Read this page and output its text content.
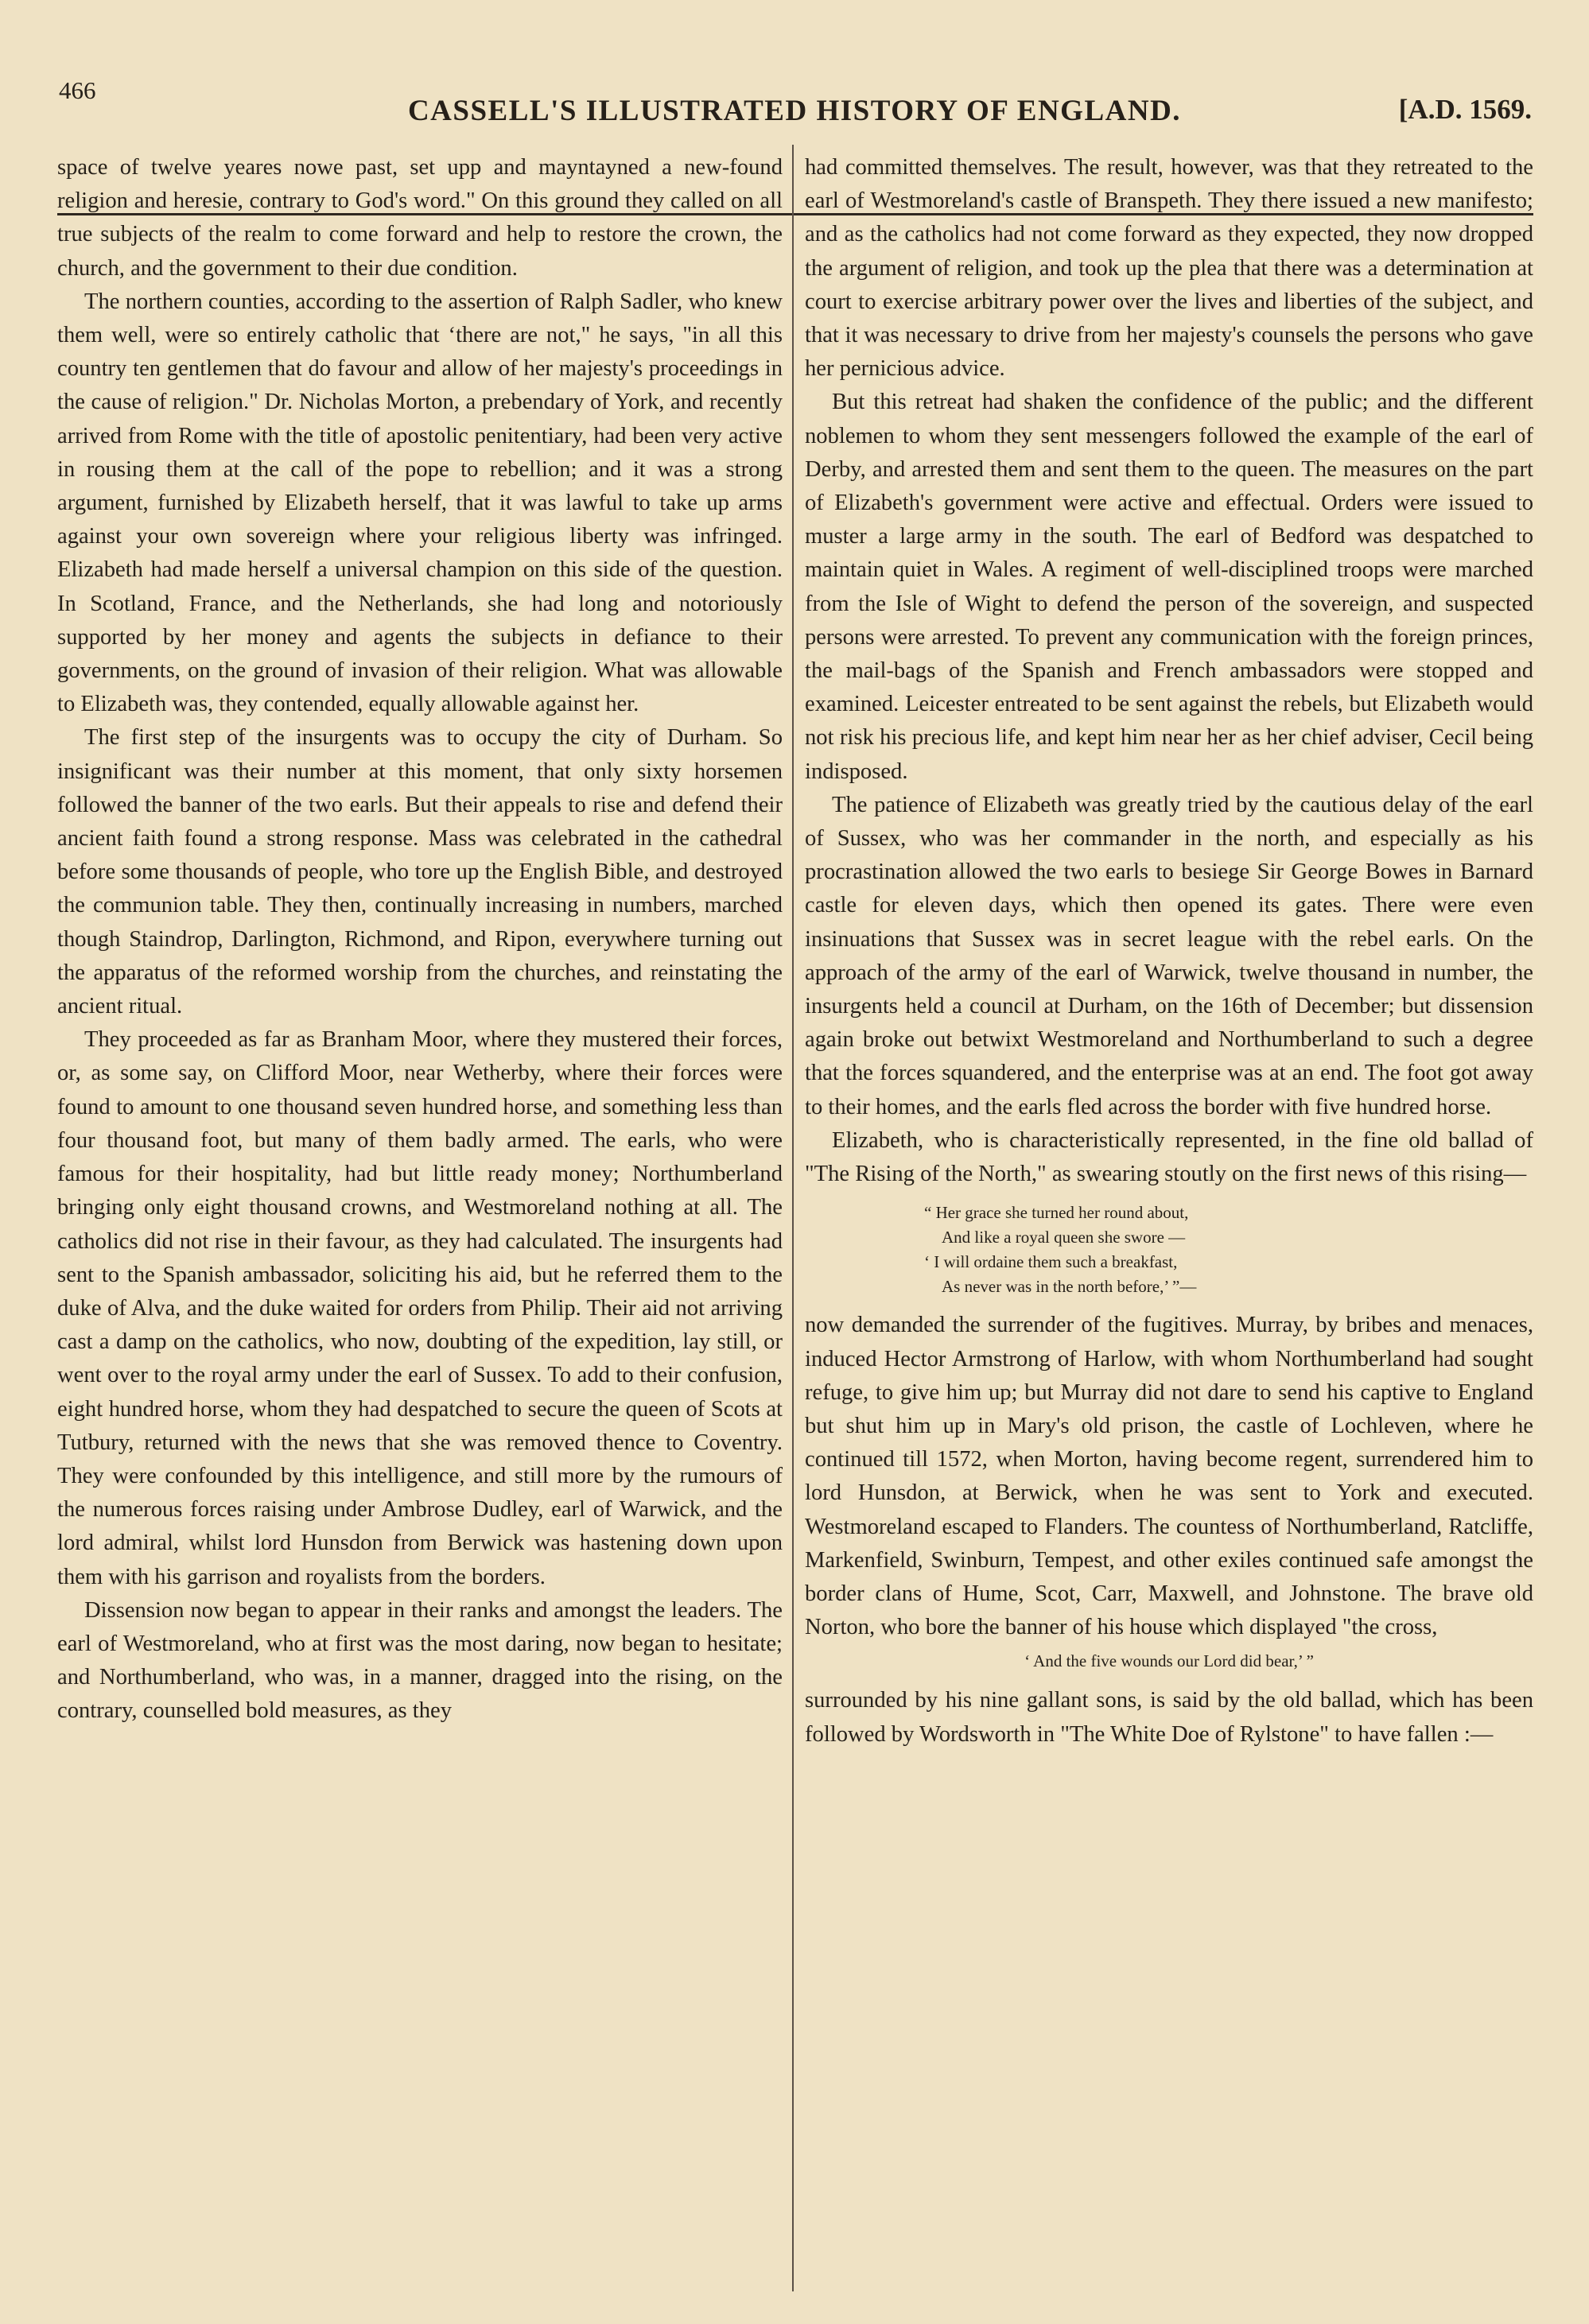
466
CASSELL'S ILLUSTRATED HISTORY OF ENGLAND.	[A.D. 1569.

space of twelve yeares nowe past, set upp and mayntayned a new-found religion and heresie, contrary to God's word." On this ground they called on all true subjects of the realm to come forward and help to restore the crown, the church, and the government to their due condition.

The northern counties, according to the assertion of Ralph Sadler, who knew them well, were so entirely catholic that ‘there are not," he says, "in all this country ten gentlemen that do favour and allow of her majesty's proceedings in the cause of religion." Dr. Nicholas Morton, a prebendary of York, and recently arrived from Rome with the title of apostolic penitentiary, had been very active in rousing them at the call of the pope to rebellion; and it was a strong argument, furnished by Elizabeth herself, that it was lawful to take up arms against your own sovereign where your religious liberty was infringed. Elizabeth had made herself a universal champion on this side of the question. In Scotland, France, and the Netherlands, she had long and notoriously supported by her money and agents the subjects in defiance to their governments, on the ground of invasion of their religion. What was allowable to Elizabeth was, they contended, equally allowable against her.

The first step of the insurgents was to occupy the city of Durham. So insignificant was their number at this moment, that only sixty horsemen followed the banner of the two earls. But their appeals to rise and defend their ancient faith found a strong response. Mass was celebrated in the cathedral before some thousands of people, who tore up the English Bible, and destroyed the communion table. They then, continually increasing in numbers, marched though Staindrop, Darlington, Richmond, and Ripon, everywhere turning out the apparatus of the reformed worship from the churches, and reinstating the ancient ritual.

They proceeded as far as Branham Moor, where they mustered their forces, or, as some say, on Clifford Moor, near Wetherby, where their forces were found to amount to one thousand seven hundred horse, and something less than four thousand foot, but many of them badly armed. The earls, who were famous for their hospitality, had but little ready money; Northumberland bringing only eight thousand crowns, and Westmoreland nothing at all. The catholics did not rise in their favour, as they had calculated. The insurgents had sent to the Spanish ambassador, soliciting his aid, but he referred them to the duke of Alva, and the duke waited for orders from Philip. Their aid not arriving cast a damp on the catholics, who now, doubting of the expedition, lay still, or went over to the royal army under the earl of Sussex. To add to their confusion, eight hundred horse, whom they had despatched to secure the queen of Scots at Tutbury, returned with the news that she was removed thence to Coventry. They were confounded by this intelligence, and still more by the rumours of the numerous forces raising under Ambrose Dudley, earl of Warwick, and the lord admiral, whilst lord Hunsdon from Berwick was hastening down upon them with his garrison and royalists from the borders.

Dissension now began to appear in their ranks and amongst the leaders. The earl of Westmoreland, who at first was the most daring, now began to hesitate; and Northumberland, who was, in a manner, dragged into the rising, on the contrary, counselled bold measures, as they

had committed themselves. The result, however, was that they retreated to the earl of Westmoreland's castle of Branspeth. They there issued a new manifesto; and as the catholics had not come forward as they expected, they now dropped the argument of religion, and took up the plea that there was a determination at court to exercise arbitrary power over the lives and liberties of the subject, and that it was necessary to drive from her majesty's counsels the persons who gave her pernicious advice.

But this retreat had shaken the confidence of the public; and the different noblemen to whom they sent messengers followed the example of the earl of Derby, and arrested them and sent them to the queen. The measures on the part of Elizabeth's government were active and effectual. Orders were issued to muster a large army in the south. The earl of Bedford was despatched to maintain quiet in Wales. A regiment of well-disciplined troops were marched from the Isle of Wight to defend the person of the sovereign, and suspected persons were arrested. To prevent any communication with the foreign princes, the mail-bags of the Spanish and French ambassadors were stopped and examined. Leicester entreated to be sent against the rebels, but Elizabeth would not risk his precious life, and kept him near her as her chief adviser, Cecil being indisposed.

The patience of Elizabeth was greatly tried by the cautious delay of the earl of Sussex, who was her commander in the north, and especially as his procrastination allowed the two earls to besiege Sir George Bowes in Barnard castle for eleven days, which then opened its gates. There were even insinuations that Sussex was in secret league with the rebel earls. On the approach of the army of the earl of Warwick, twelve thousand in number, the insurgents held a council at Durham, on the 16th of December; but dissension again broke out betwixt Westmoreland and Northumberland to such a degree that the forces squandered, and the enterprise was at an end. The foot got away to their homes, and the earls fled across the border with five hundred horse.

Elizabeth, who is characteristically represented, in the fine old ballad of "The Rising of the North," as swearing stoutly on the first news of this rising—

“ Her grace she turned her round about,
And like a royal queen she swore —
‘ I will ordaine them such a breakfast,
As never was in the north before,’ ”—

now demanded the surrender of the fugitives. Murray, by bribes and menaces, induced Hector Armstrong of Harlow, with whom Northumberland had sought refuge, to give him up; but Murray did not dare to send his captive to England but shut him up in Mary's old prison, the castle of Lochleven, where he continued till 1572, when Morton, having become regent, surrendered him to lord Hunsdon, at Berwick, when he was sent to York and executed. Westmoreland escaped to Flanders. The countess of Northumberland, Ratcliffe, Markenfield, Swinburn, Tempest, and other exiles continued safe amongst the border clans of Hume, Scot, Carr, Maxwell, and Johnstone. The brave old Norton, who bore the banner of his house which displayed "the cross,

‘ And the five wounds our Lord did bear,’ ”

surrounded by his nine gallant sons, is said by the old ballad, which has been followed by Wordsworth in "The White Doe of Rylstone" to have fallen :—
